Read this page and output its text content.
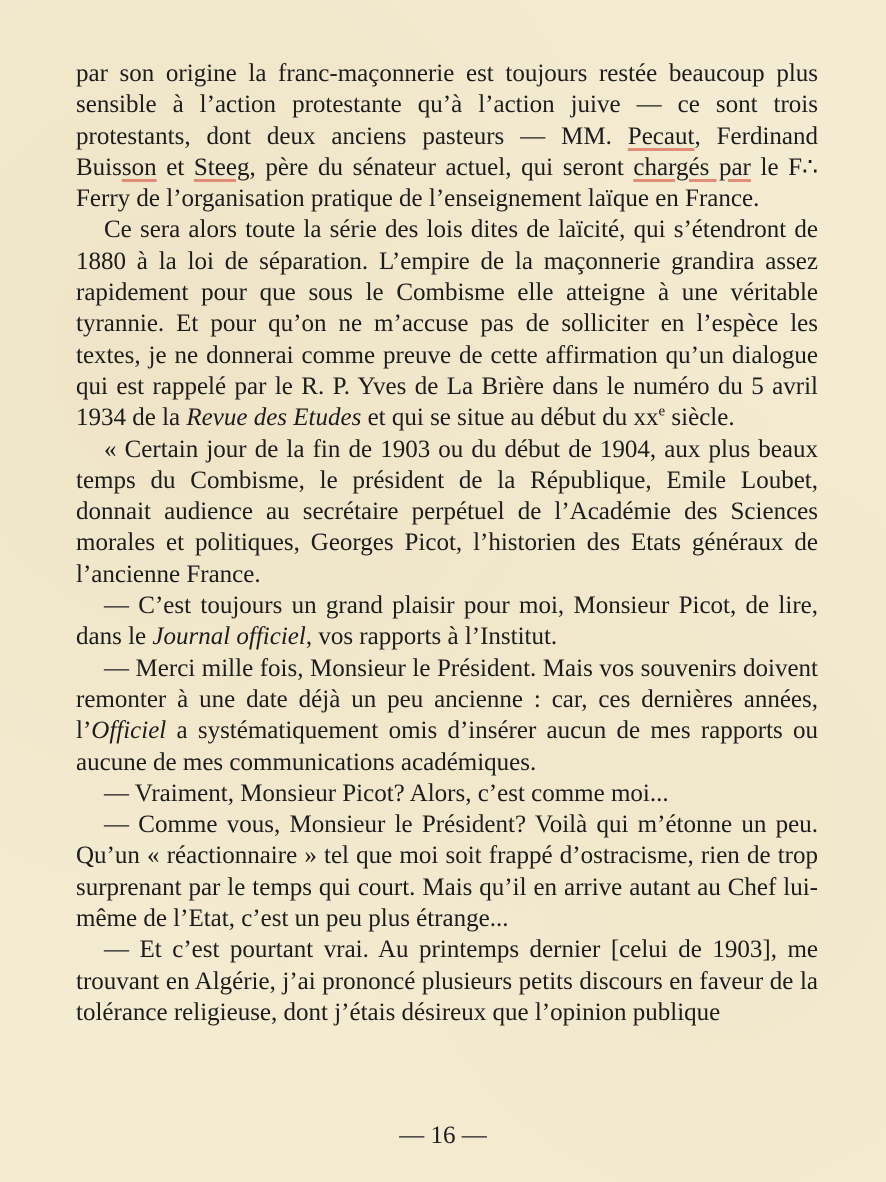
par son origine la franc-maçonnerie est toujours restée beaucoup plus sensible à l’action protestante qu’à l’action juive — ce sont trois protestants, dont deux anciens pasteurs — MM. Pecaut, Ferdinand Buisson et Steeg, père du sénateur actuel, qui seront chargés par le F∴ Ferry de l’organisation pratique de l’enseignement laïque en France.

Ce sera alors toute la série des lois dites de laïcité, qui s’étendront de 1880 à la loi de séparation. L’empire de la maçonnerie grandira assez rapidement pour que sous le Combisme elle atteigne à une véritable tyrannie. Et pour qu’on ne m’accuse pas de solliciter en l’espèce les textes, je ne donnerai comme preuve de cette affirmation qu’un dialogue qui est rappelé par le R. P. Yves de La Brière dans le numéro du 5 avril 1934 de la Revue des Etudes et qui se situe au début du $xx^e$ siècle.

« Certain jour de la fin de 1903 ou du début de 1904, aux plus beaux temps du Combisme, le président de la République, Emile Loubet, donnait audience au secrétaire perpétuel de l’Académie des Sciences morales et politiques, Georges Picot, l’historien des Etats généraux de l’ancienne France.

— C’est toujours un grand plaisir pour moi, Monsieur Picot, de lire, dans le Journal officiel, vos rapports à l’Institut.

— Merci mille fois, Monsieur le Président. Mais vos souvenirs doivent remonter à une date déjà un peu ancienne : car, ces dernières années, l’Officiel a systématiquement omis d’insérer aucun de mes rapports ou aucune de mes communications académiques.

— Vraiment, Monsieur Picot? Alors, c’est comme moi...

— Comme vous, Monsieur le Président? Voilà qui m’étonne un peu. Qu’un « réactionnaire » tel que moi soit frappé d’ostracisme, rien de trop surprenant par le temps qui court. Mais qu’il en arrive autant au Chef lui-même de l’Etat, c’est un peu plus étrange...

— Et c’est pourtant vrai. Au printemps dernier [celui de 1903], me trouvant en Algérie, j’ai prononcé plusieurs petits discours en faveur de la tolérance religieuse, dont j’étais désireux que l’opinion publique

— 16 —
